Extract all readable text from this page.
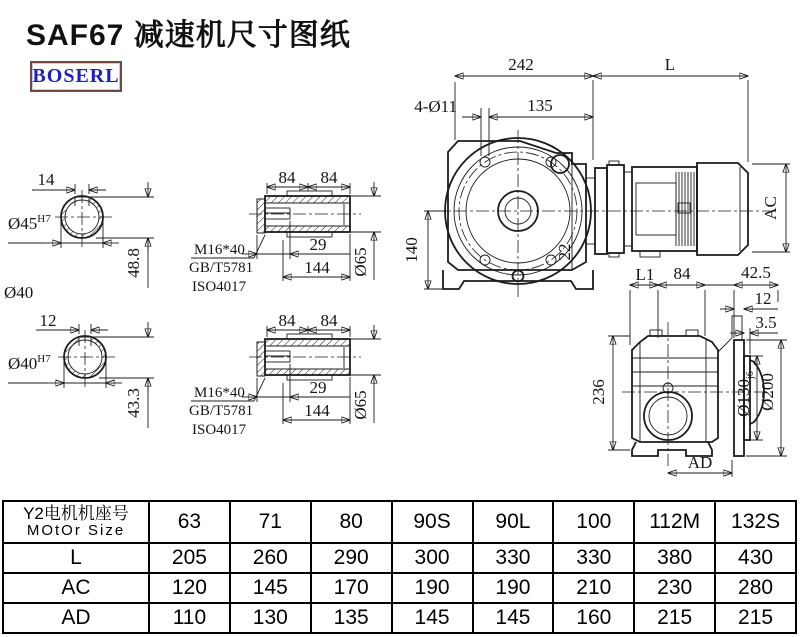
SAF67 减速机尺寸图纸
BOSERL
242	L
135
4-Ø11
140
AC
22
14
$Ø45^{H7}$
48.8
Ø40
12
$Ø40^{H7}$
43.3
84 84
29
144 Ø65
M16*40
GB/T5781
ISO4017
84 84
29
144 Ø65
M16*40
GB/T5781
ISO4017
L1 84	42.5
12
3.5
236	$Ø130_{j6}$ Ø200
AD
Y2电机机座号
MOtOr Size	63	71	80	90S	90L	100	112M	132S
L	205	260	290	300	330	330	380	430
AC	120	145	170	190	190	210	230	280
AD	110	130	135	145	145	160	215	215
